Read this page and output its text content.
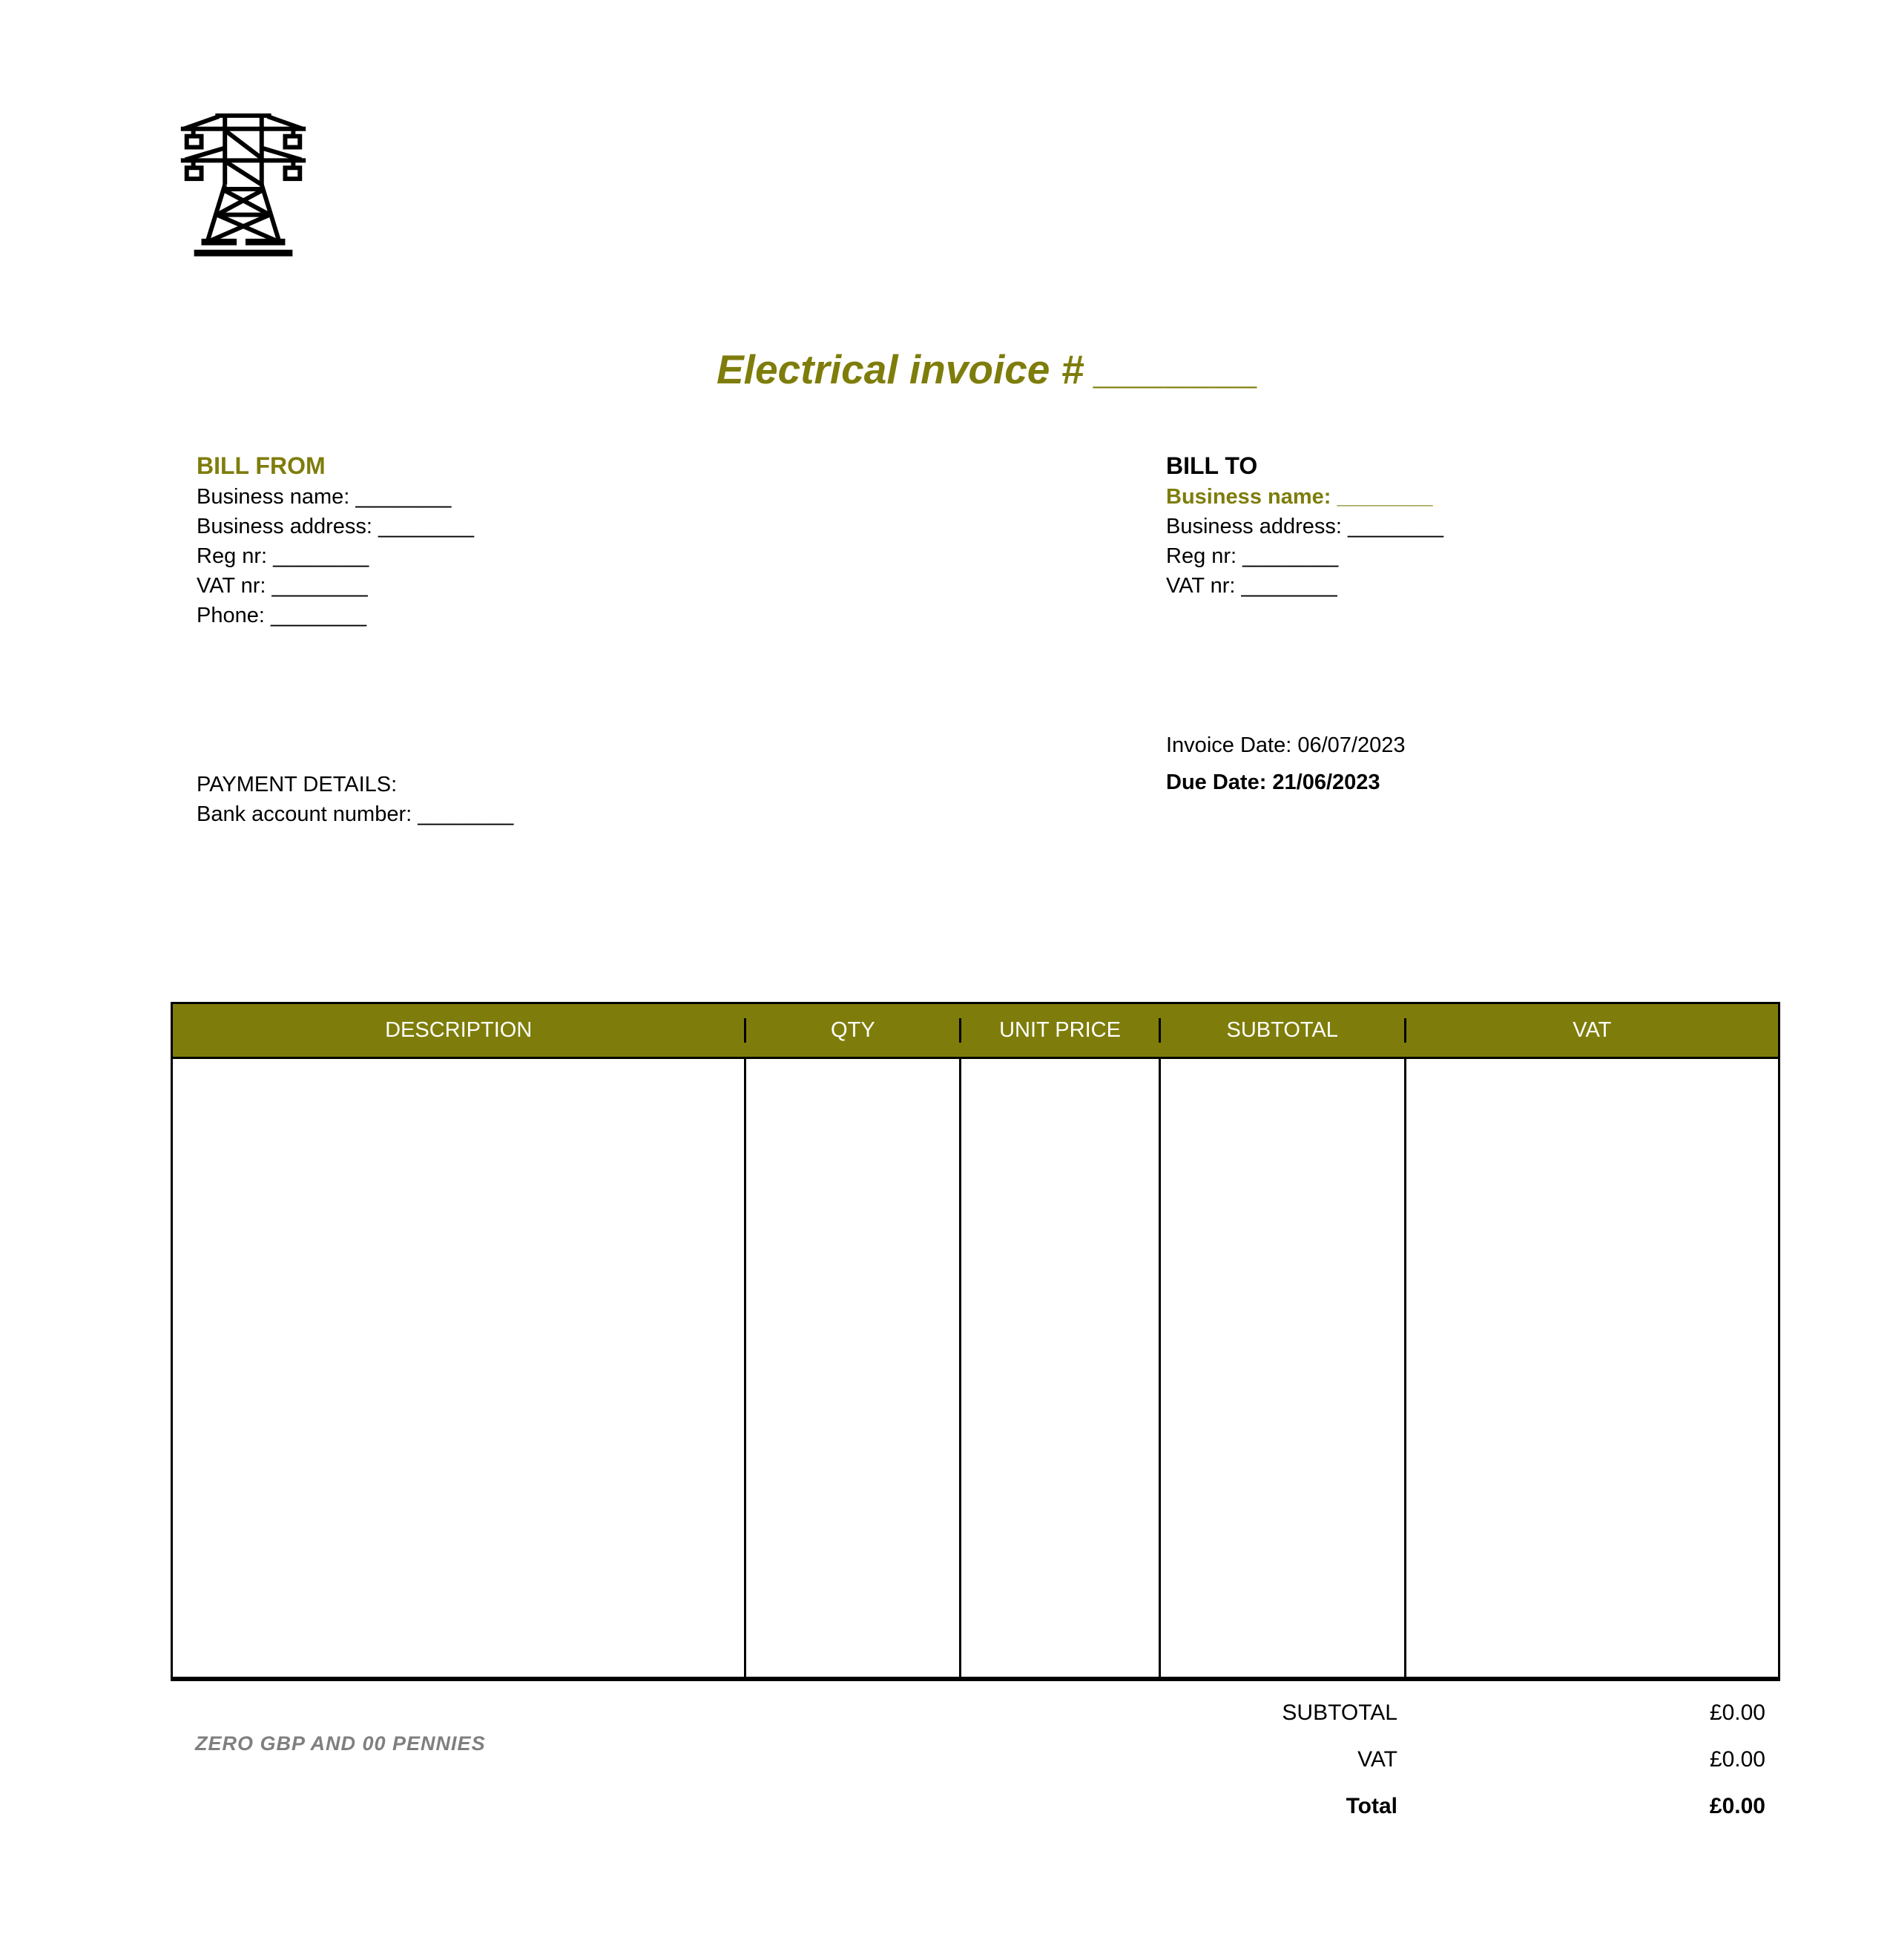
Electrical invoice # _______
BILL FROM
Business name: ________
Business address: ________
Reg nr: ________
VAT nr: ________
Phone: ________
BILL TO
Business name: ________
Business address: ________
Reg nr: ________
VAT nr: ________
Invoice Date: 06/07/2023
Due Date: 21/06/2023
PAYMENT DETAILS:
Bank account number: ________
DESCRIPTION	QTY	UNIT PRICE	SUBTOTAL	VAT
SUBTOTAL	£0.00
VAT	£0.00
Total	£0.00
ZERO GBP AND 00 PENNIES
